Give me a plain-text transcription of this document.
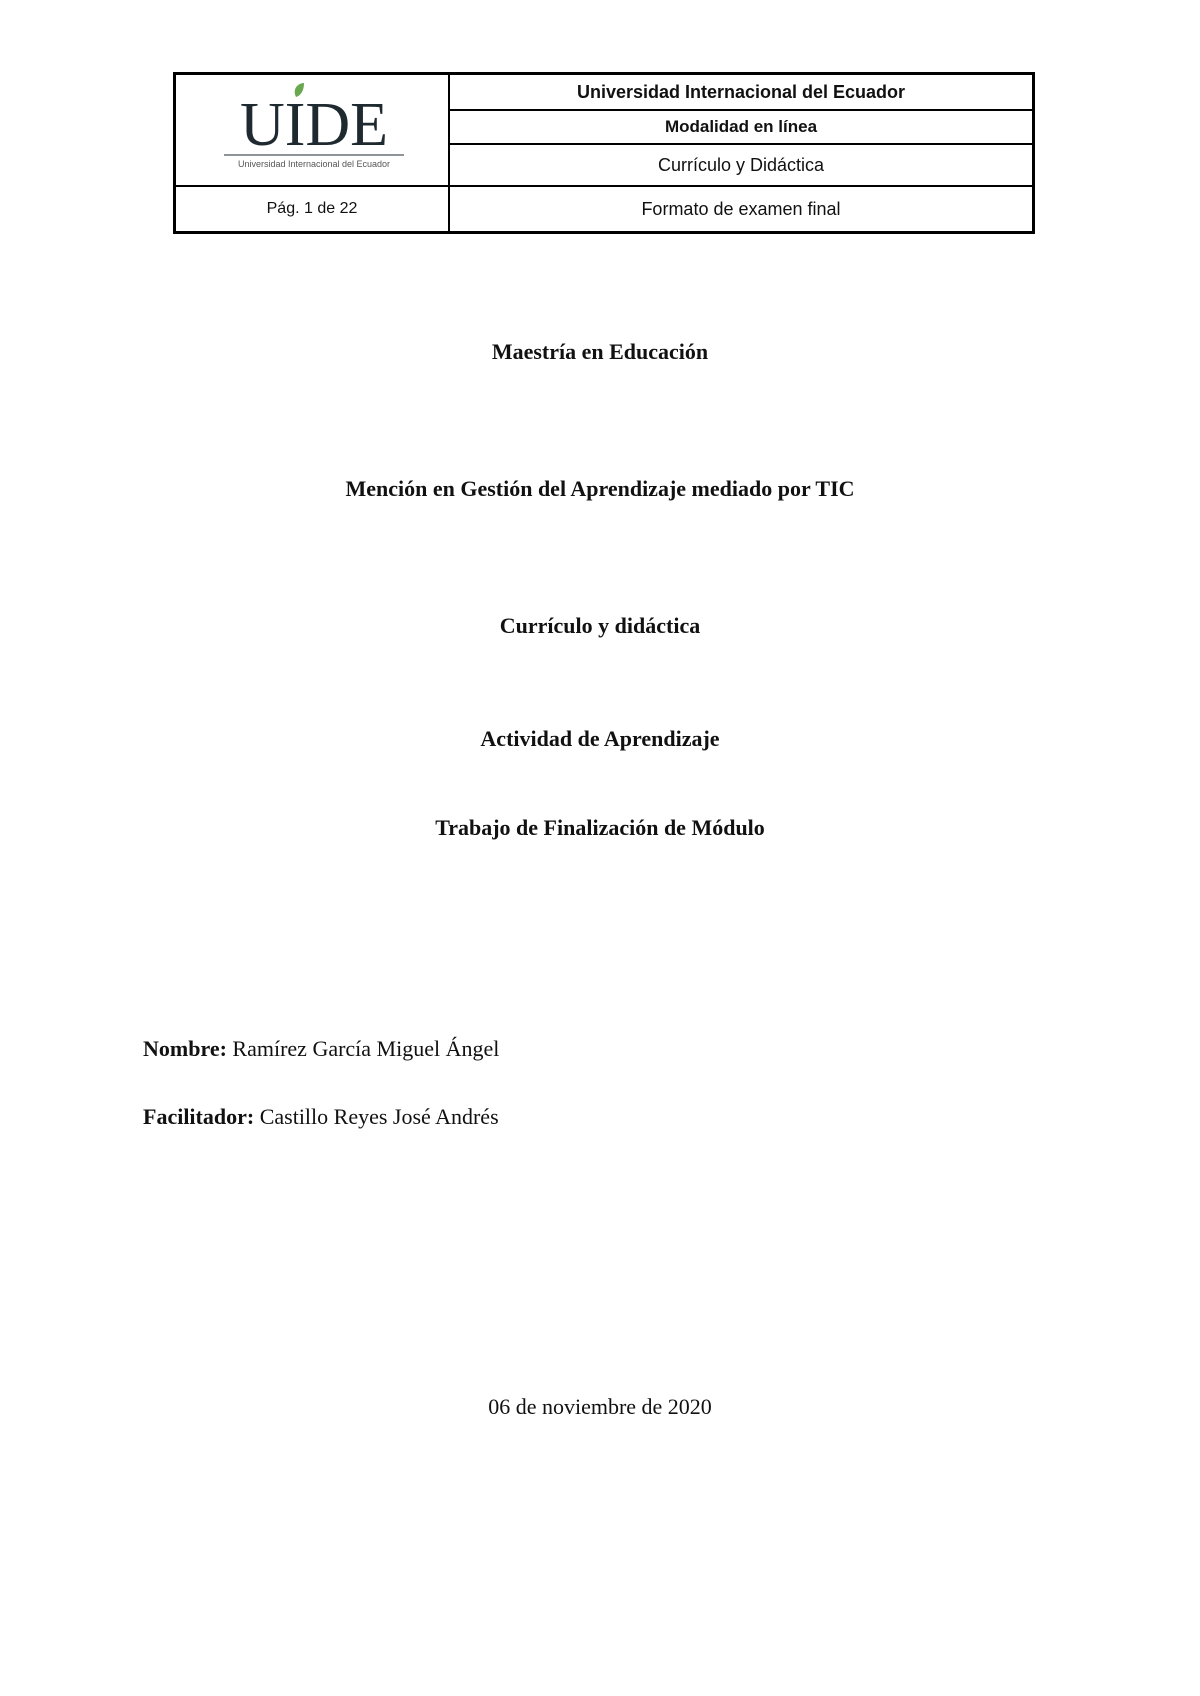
UIDE
Universidad Internacional del Ecuador
Pág. 1 de 22
Universidad Internacional del Ecuador
Modalidad en línea
Currículo y Didáctica
Formato de examen final
Maestría en Educación
Mención en Gestión del Aprendizaje mediado por TIC
Currículo y didáctica
Actividad de Aprendizaje
Trabajo de Finalización de Módulo
Nombre: Ramírez García Miguel Ángel
Facilitador: Castillo Reyes José Andrés
06 de noviembre de 2020
